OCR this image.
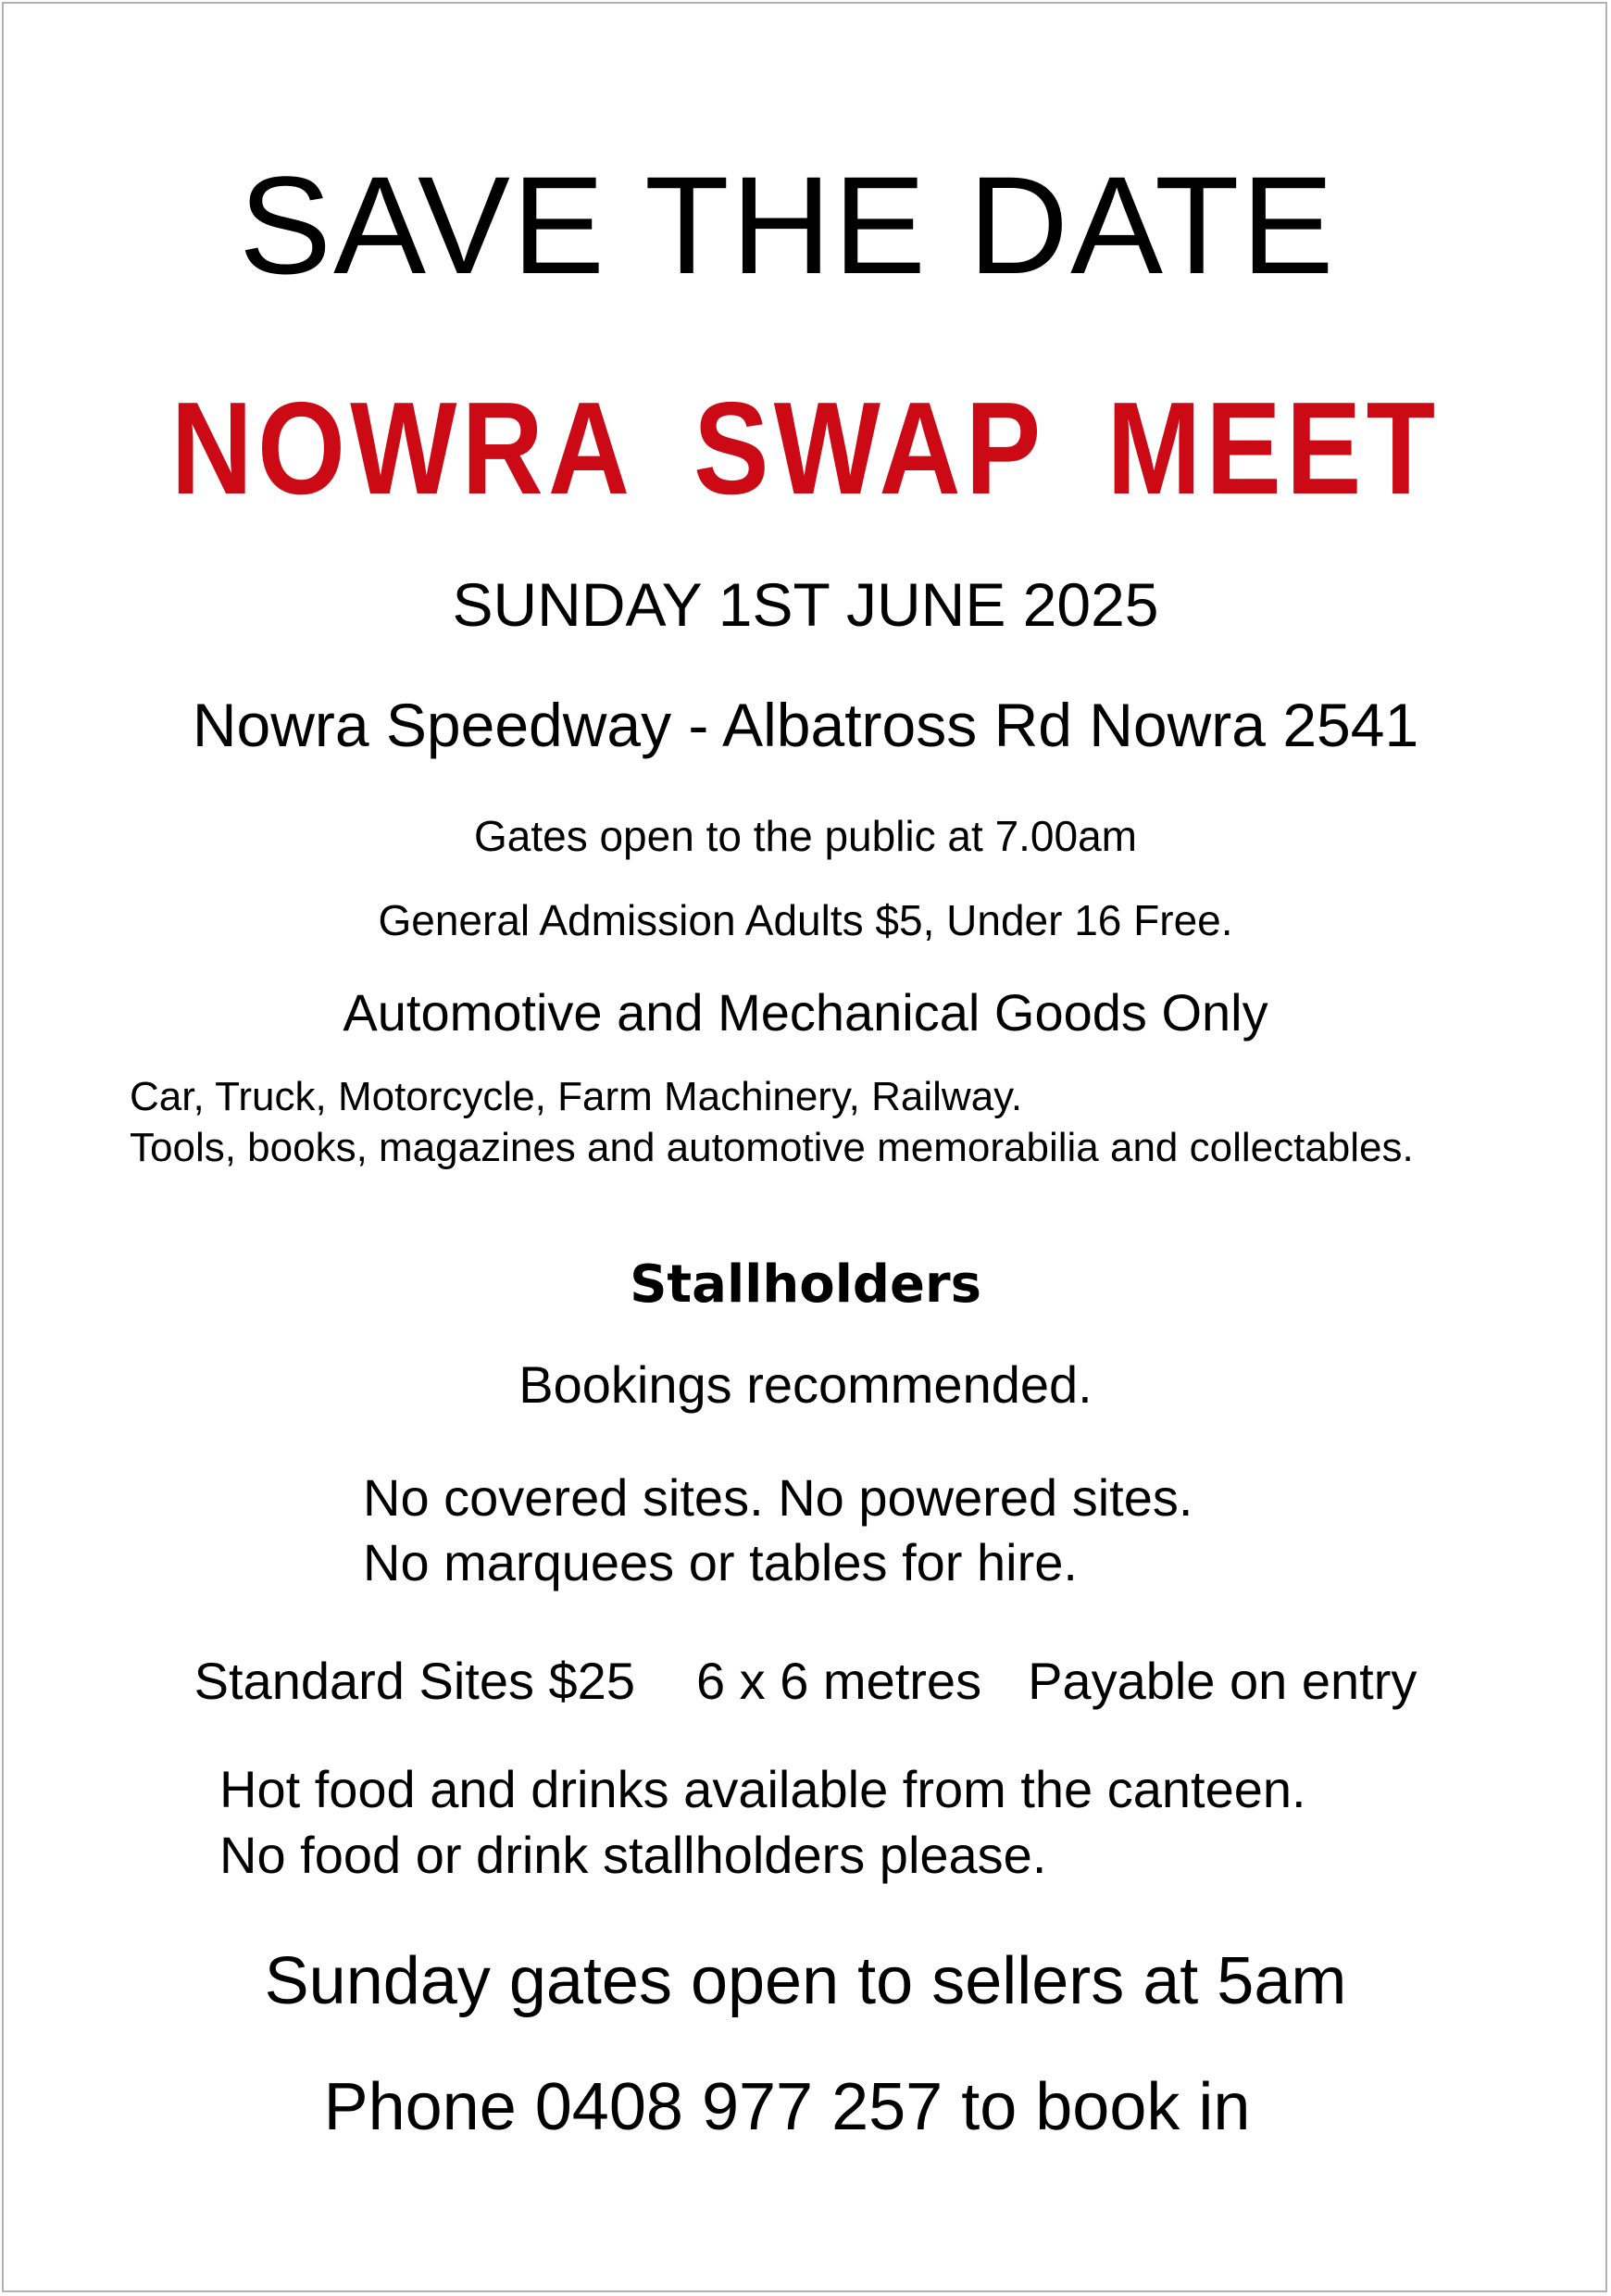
SAVE THE DATE
NOWRA SWAP MEET
SUNDAY 1ST JUNE 2025
Nowra Speedway - Albatross Rd Nowra 2541
Gates open to the public at 7.00am
General Admission Adults $5, Under 16 Free.
Automotive and Mechanical Goods Only
Car, Truck, Motorcycle, Farm Machinery, Railway.
Tools, books, magazines and automotive memorabilia and collectables.
Stallholders
Bookings recommended.
No covered sites. No powered sites.
No marquees or tables for hire.
Standard Sites $25 6 x 6 metres Payable on entry
Hot food and drinks available from the canteen.
No food or drink stallholders please.
Sunday gates open to sellers at 5am
Phone 0408 977 257 to book in
